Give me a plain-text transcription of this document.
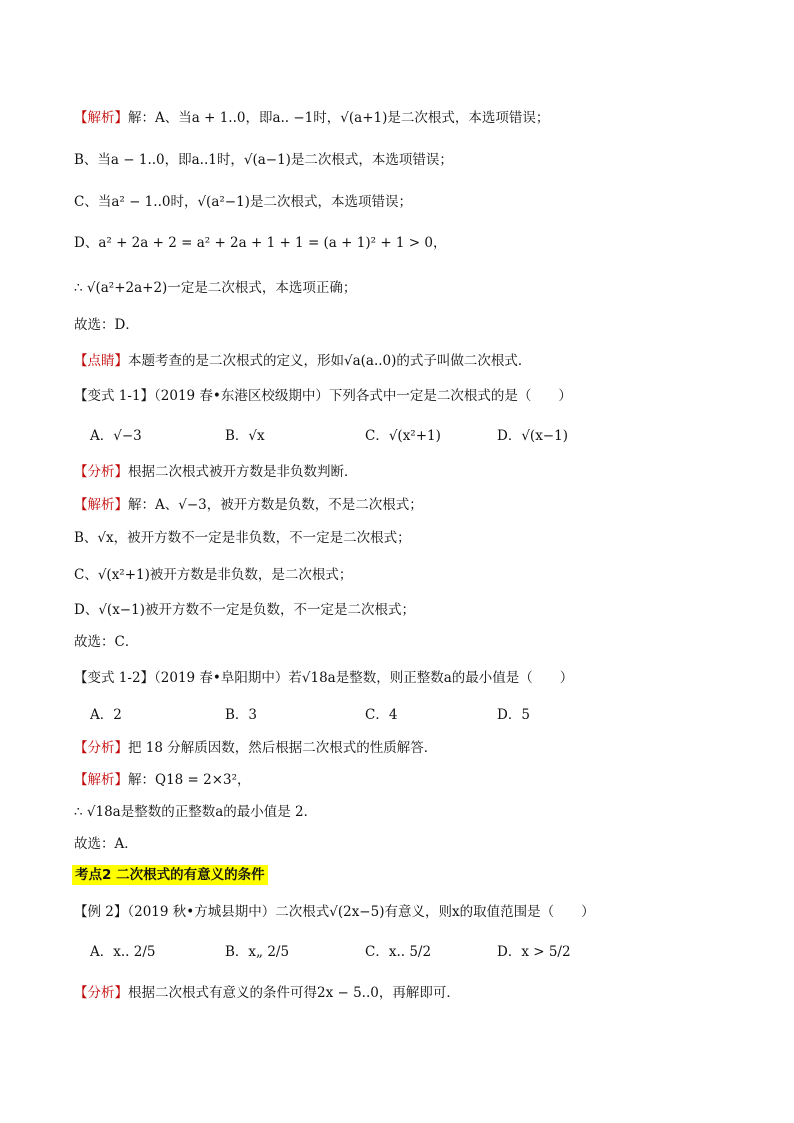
【解析】解：A、当a + 1..0，即a.. −1时，√(a+1)是二次根式，本选项错误；
B、当a − 1..0，即a..1时，√(a−1)是二次根式，本选项错误；
C、当a² − 1..0时，√(a²−1)是二次根式，本选项错误；
D、a² + 2a + 2 = a² + 2a + 1 + 1 = (a + 1)² + 1 > 0，
∴ √(a²+2a+2)一定是二次根式，本选项正确；
故选：D．
【点睛】本题考查的是二次根式的定义，形如√a(a..0)的式子叫做二次根式．
【变式 1-1】（2019 春•东港区校级期中）下列各式中一定是二次根式的是（　　）
A．√−3	B．√x	C．√(x²+1)	D．√(x−1)
【分析】根据二次根式被开方数是非负数判断．
【解析】解：A、√−3，被开方数是负数，不是二次根式；
B、√x，被开方数不一定是非负数，不一定是二次根式；
C、√(x²+1)被开方数是非负数，是二次根式；
D、√(x−1)被开方数不一定是负数，不一定是二次根式；
故选：C．
【变式 1-2】（2019 春•阜阳期中）若√18a是整数，则正整数a的最小值是（　　）
A．2	B．3	C．4	D．5
【分析】把 18 分解质因数，然后根据二次根式的性质解答．
【解析】解：Q18 = 2×3²，
∴ √18a是整数的正整数a的最小值是 2．
故选：A．
考点2 二次根式的有意义的条件
【例 2】（2019 秋•方城县期中）二次根式√(2x−5)有意义，则x的取值范围是（　　）
A．x.. 2/5	B．x„ 2/5	C．x.. 5/2	D．x > 5/2
【分析】根据二次根式有意义的条件可得2x − 5..0，再解即可．
